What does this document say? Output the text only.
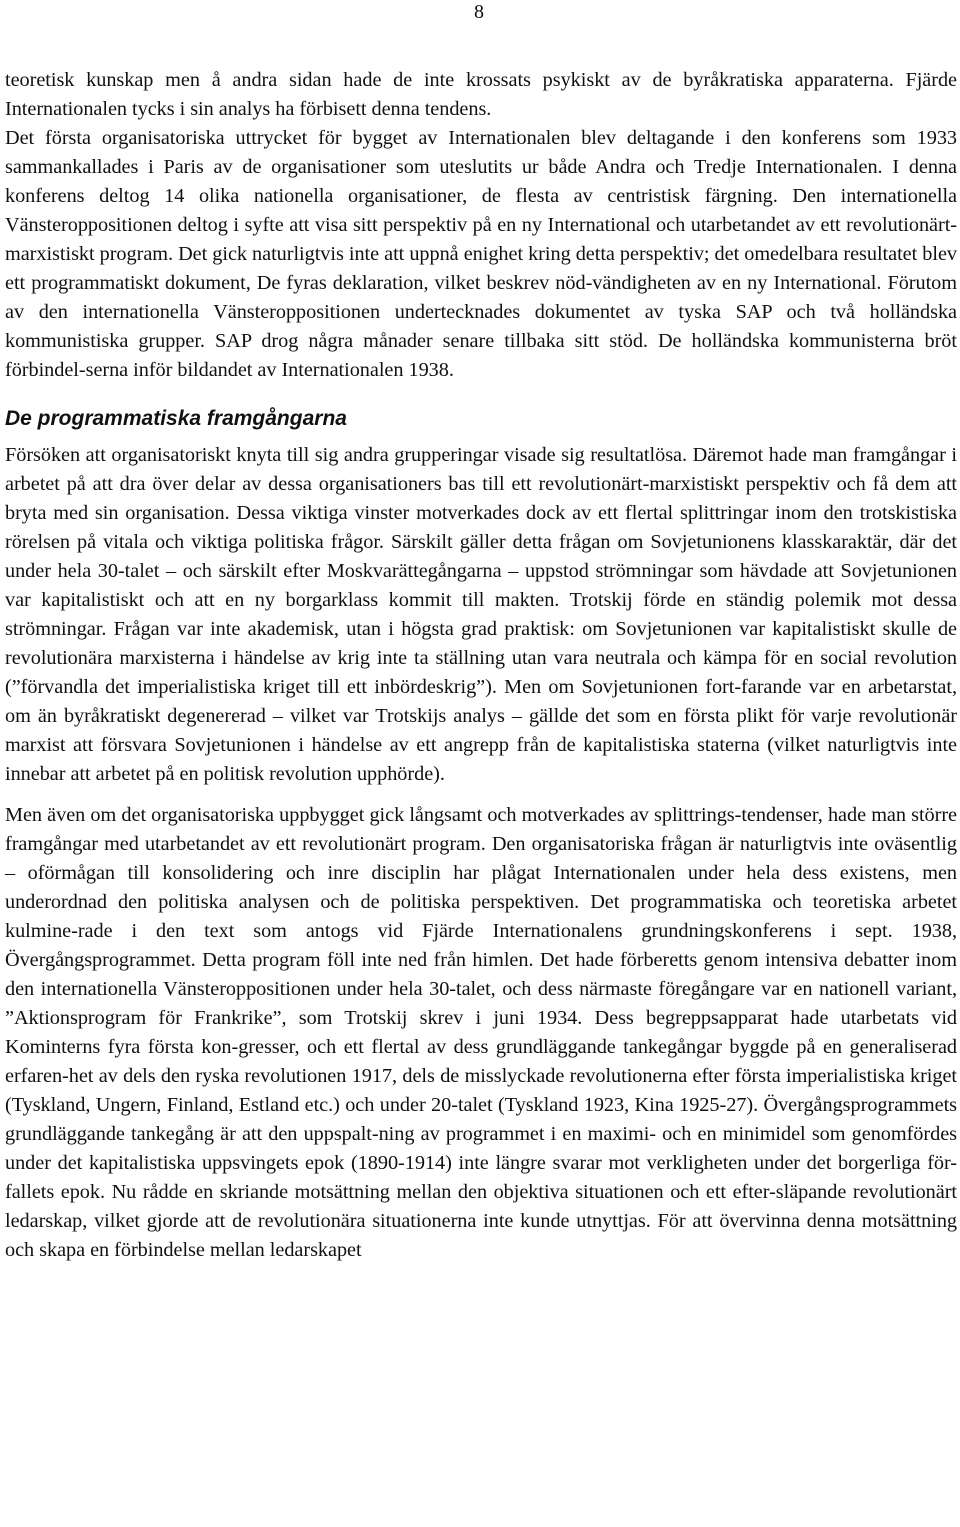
8

teoretisk kunskap men å andra sidan hade de inte krossats psykiskt av de byråkratiska apparaterna. Fjärde Internationalen tycks i sin analys ha förbisett denna tendens.

Det första organisatoriska uttrycket för bygget av Internationalen blev deltagande i den konferens som 1933 sammankallades i Paris av de organisationer som uteslutits ur både Andra och Tredje Internationalen. I denna konferens deltog 14 olika nationella organisationer, de flesta av centristisk färgning. Den internationella Vänsteroppositionen deltog i syfte att visa sitt perspektiv på en ny International och utarbetandet av ett revolutionärt-marxistiskt program. Det gick naturligtvis inte att uppnå enighet kring detta perspektiv; det omedelbara resultatet blev ett programmatiskt dokument, De fyras deklaration, vilket beskrev nöd-vändigheten av en ny International. Förutom av den internationella Vänsteroppositionen undertecknades dokumentet av tyska SAP och två holländska kommunistiska grupper. SAP drog några månader senare tillbaka sitt stöd. De holländska kommunisterna bröt förbindel-serna inför bildandet av Internationalen 1938.

De programmatiska framgångarna

Försöken att organisatoriskt knyta till sig andra grupperingar visade sig resultatlösa. Däremot hade man framgångar i arbetet på att dra över delar av dessa organisationers bas till ett revolutionärt-marxistiskt perspektiv och få dem att bryta med sin organisation. Dessa viktiga vinster motverkades dock av ett flertal splittringar inom den trotskistiska rörelsen på vitala och viktiga politiska frågor. Särskilt gäller detta frågan om Sovjetunionens klasskaraktär, där det under hela 30-talet – och särskilt efter Moskvarättegångarna – uppstod strömningar som hävdade att Sovjetunionen var kapitalistiskt och att en ny borgarklass kommit till makten. Trotskij förde en ständig polemik mot dessa strömningar. Frågan var inte akademisk, utan i högsta grad praktisk: om Sovjetunionen var kapitalistiskt skulle de revolutionära marxisterna i händelse av krig inte ta ställning utan vara neutrala och kämpa för en social revolution (”förvandla det imperialistiska kriget till ett inbördeskrig”). Men om Sovjetunionen fort-farande var en arbetarstat, om än byråkratiskt degenererad – vilket var Trotskijs analys – gällde det som en första plikt för varje revolutionär marxist att försvara Sovjetunionen i händelse av ett angrepp från de kapitalistiska staterna (vilket naturligtvis inte innebar att arbetet på en politisk revolution upphörde).

Men även om det organisatoriska uppbygget gick långsamt och motverkades av splittrings-tendenser, hade man större framgångar med utarbetandet av ett revolutionärt program. Den organisatoriska frågan är naturligtvis inte oväsentlig – oförmågan till konsolidering och inre disciplin har plågat Internationalen under hela dess existens, men underordnad den politiska analysen och de politiska perspektiven. Det programmatiska och teoretiska arbetet kulmine-rade i den text som antogs vid Fjärde Internationalens grundningskonferens i sept. 1938, Övergångsprogrammet. Detta program föll inte ned från himlen. Det hade förberetts genom intensiva debatter inom den internationella Vänsteroppositionen under hela 30-talet, och dess närmaste föregångare var en nationell variant, ”Aktionsprogram för Frankrike”, som Trotskij skrev i juni 1934. Dess begreppsapparat hade utarbetats vid Kominterns fyra första kon-gresser, och ett flertal av dess grundläggande tankegångar byggde på en generaliserad erfaren-het av dels den ryska revolutionen 1917, dels de misslyckade revolutionerna efter första imperialistiska kriget (Tyskland, Ungern, Finland, Estland etc.) och under 20-talet (Tyskland 1923, Kina 1925-27). Övergångsprogrammets grundläggande tankegång är att den uppspalt-ning av programmet i en maximi- och en minimidel som genomfördes under det kapitalistiska uppsvingets epok (1890-1914) inte längre svarar mot verkligheten under det borgerliga för-fallets epok. Nu rådde en skriande motsättning mellan den objektiva situationen och ett efter-släpande revolutionärt ledarskap, vilket gjorde att de revolutionära situationerna inte kunde utnyttjas. För att övervinna denna motsättning och skapa en förbindelse mellan ledarskapet
